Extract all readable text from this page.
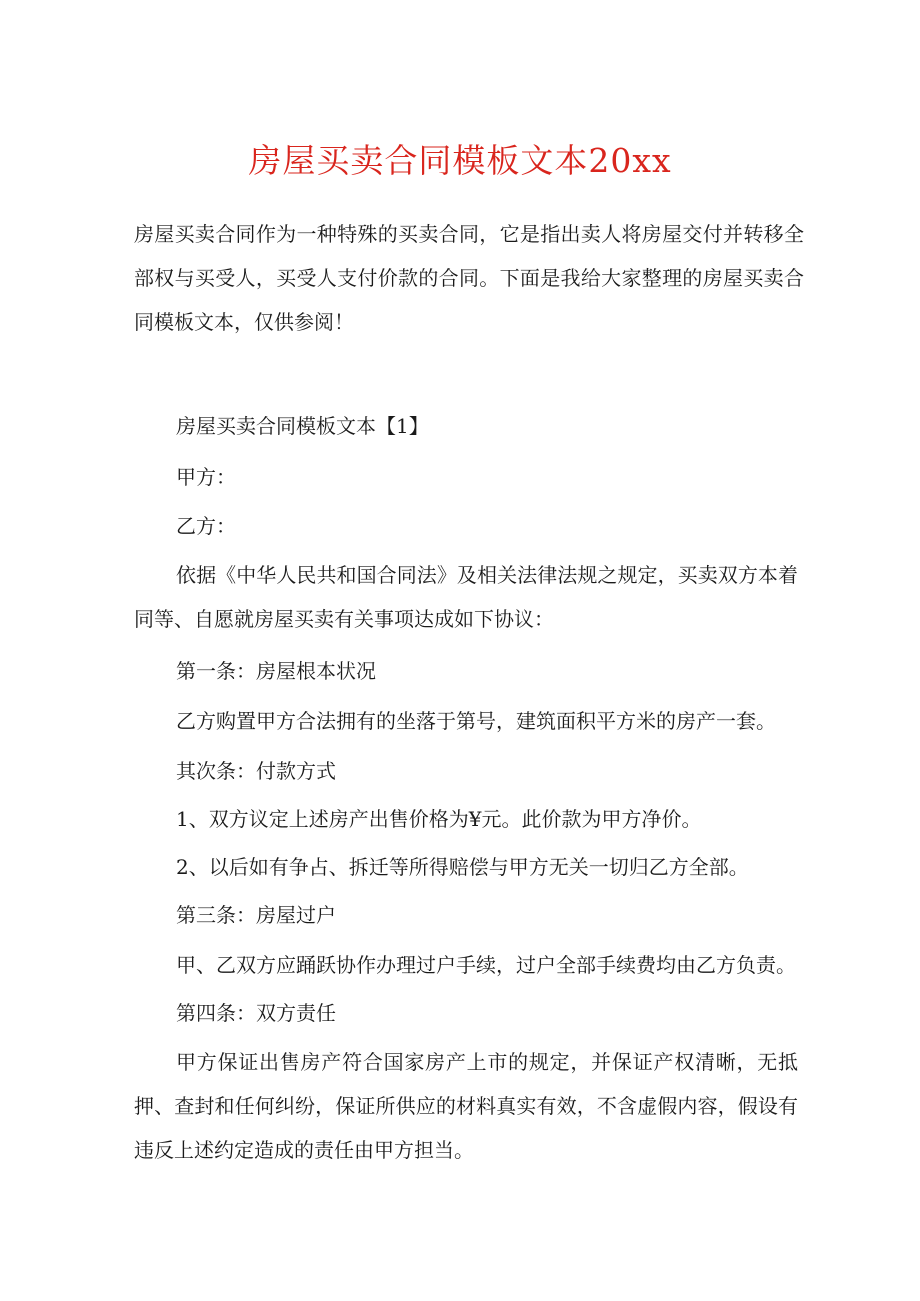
房屋买卖合同模板文本20xx

房屋买卖合同作为一种特殊的买卖合同，它是指出卖人将房屋交付并转移全部权与买受人，买受人支付价款的合同。下面是我给大家整理的房屋买卖合同模板文本，仅供参阅！

房屋买卖合同模板文本【1】
甲方：
乙方：

依据《中华人民共和国合同法》及相关法律法规之规定，买卖双方本着同等、自愿就房屋买卖有关事项达成如下协议：

第一条：房屋根本状况
乙方购置甲方合法拥有的坐落于第号，建筑面积平方米的房产一套。
其次条：付款方式
1、双方议定上述房产出售价格为¥元。此价款为甲方净价。
2、以后如有争占、拆迁等所得赔偿与甲方无关一切归乙方全部。
第三条：房屋过户
甲、乙双方应踊跃协作办理过户手续，过户全部手续费均由乙方负责。
第四条：双方责任

甲方保证出售房产符合国家房产上市的规定，并保证产权清晰，无抵押、查封和任何纠纷，保证所供应的材料真实有效，不含虚假内容，假设有违反上述约定造成的责任由甲方担当。
